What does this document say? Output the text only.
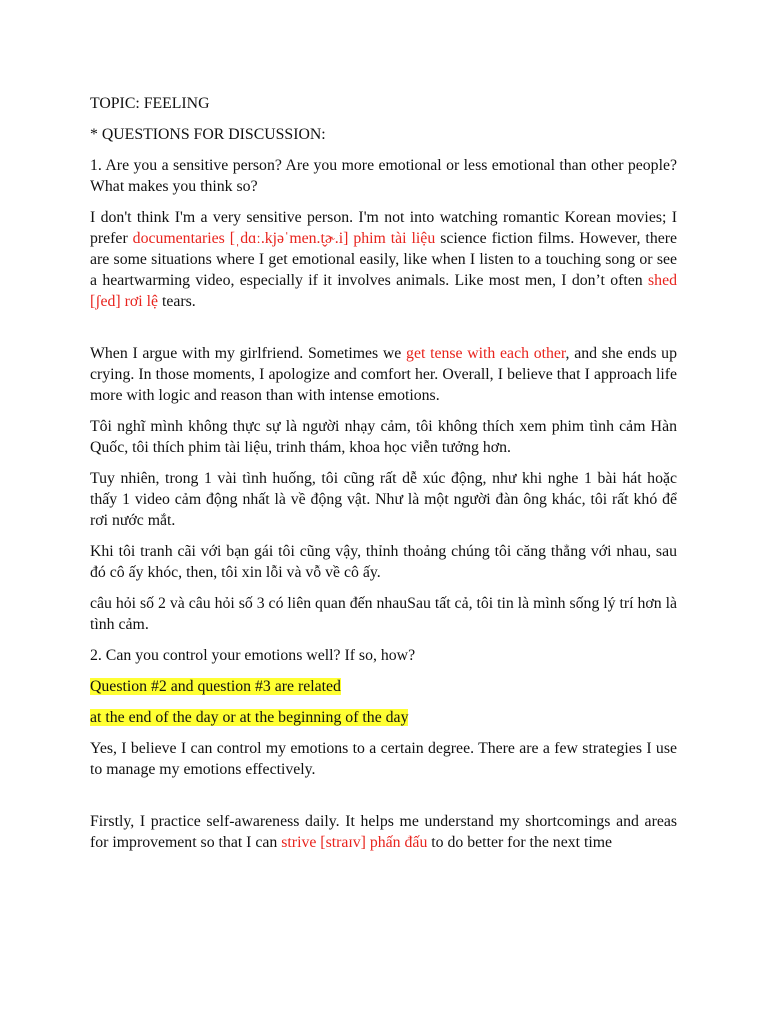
TOPIC: FEELING

* QUESTIONS FOR DISCUSSION:

1. Are you a sensitive person? Are you more emotional or less emotional than other people? What makes you think so?

I don't think I'm a very sensitive person. I'm not into watching romantic Korean movies; I prefer documentaries [ˌdɑː.kjəˈmen.t̬ɚ.i] phim tài liệu science fiction films. However, there are some situations where I get emotional easily, like when I listen to a touching song or see a heartwarming video, especially if it involves animals. Like most men, I don’t often shed [ʃed] rơi lệ tears.

When I argue with my girlfriend. Sometimes we get tense with each other, and she ends up crying. In those moments, I apologize and comfort her. Overall, I believe that I approach life more with logic and reason than with intense emotions.

Tôi nghĩ mình không thực sự là người nhạy cảm, tôi không thích xem phim tình cảm Hàn Quốc, tôi thích phim tài liệu, trinh thám, khoa học viễn tưởng hơn.

Tuy nhiên, trong 1 vài tình huống, tôi cũng rất dễ xúc động, như khi nghe 1 bài hát hoặc thấy 1 video cảm động nhất là về động vật. Như là một người đàn ông khác, tôi rất khó để rơi nước mắt.

Khi tôi tranh cãi với bạn gái tôi cũng vậy, thỉnh thoảng chúng tôi căng thẳng với nhau, sau đó cô ấy khóc, then, tôi xin lỗi và vỗ về cô ấy.

câu hỏi số 2 và câu hỏi số 3 có liên quan đến nhauSau tất cả, tôi tin là mình sống lý trí hơn là tình cảm.

2. Can you control your emotions well? If so, how?

Question #2 and question #3 are related

at the end of the day or at the beginning of the day

Yes, I believe I can control my emotions to a certain degree. There are a few strategies I use to manage my emotions effectively.

Firstly, I practice self-awareness daily. It helps me understand my shortcomings and areas for improvement so that I can strive [straɪv] phấn đấu to do better for the next time
